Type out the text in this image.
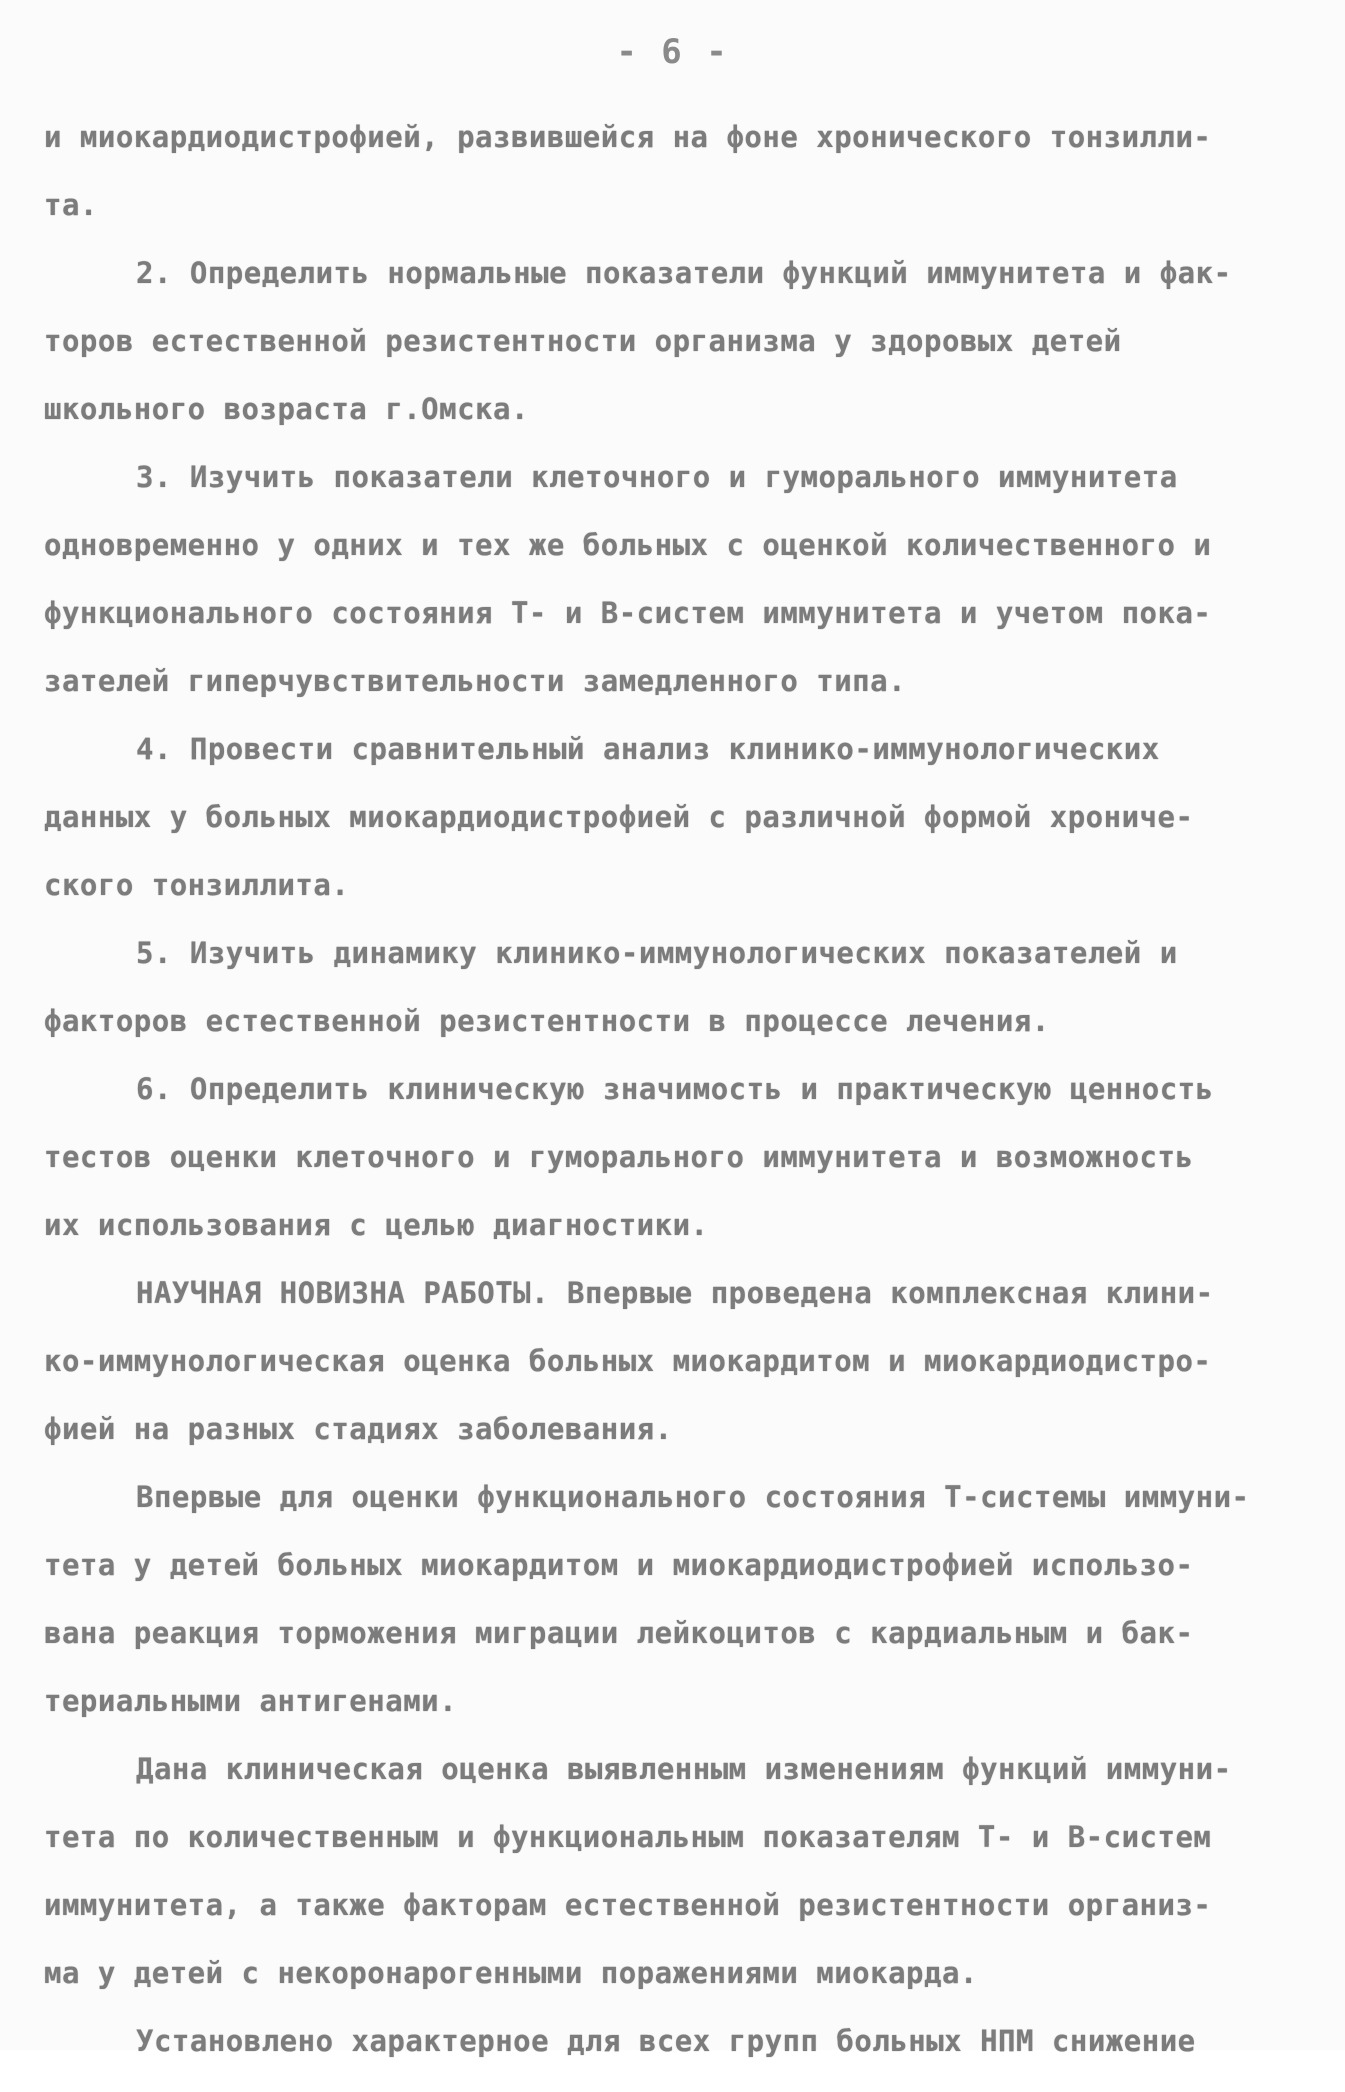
- 6 -
и миокардиодистрофией, развившейся на фоне хронического тонзилли-
та.
2. Определить нормальные показатели функций иммунитета и фак-
торов естественной резистентности организма у здоровых детей
школьного возраста г.Омска.
3. Изучить показатели клеточного и гуморального иммунитета
одновременно у одних и тех же больных с оценкой количественного и
функционального состояния Т- и В-систем иммунитета и учетом пока-
зателей гиперчувствительности замедленного типа.
4. Провести сравнительный анализ клинико-иммунологических
данных у больных миокардиодистрофией с различной формой хрониче-
ского тонзиллита.
5. Изучить динамику клинико-иммунологических показателей и
факторов естественной резистентности в процессе лечения.
6. Определить клиническую значимость и практическую ценность
тестов оценки клеточного и гуморального иммунитета и возможность
их использования с целью диагностики.
НАУЧНАЯ НОВИЗНА РАБОТЫ. Впервые проведена комплексная клини-
ко-иммунологическая оценка больных миокардитом и миокардиодистро-
фией на разных стадиях заболевания.
Впервые для оценки функционального состояния Т-системы иммуни-
тета у детей больных миокардитом и миокардиодистрофией использо-
вана реакция торможения миграции лейкоцитов с кардиальным и бак-
териальными антигенами.
Дана клиническая оценка выявленным изменениям функций иммуни-
тета по количественным и функциональным показателям Т- и В-систем
иммунитета, а также факторам естественной резистентности организ-
ма у детей с некоронарогенными поражениями миокарда.
Установлено характерное для всех групп больных НПМ снижение
